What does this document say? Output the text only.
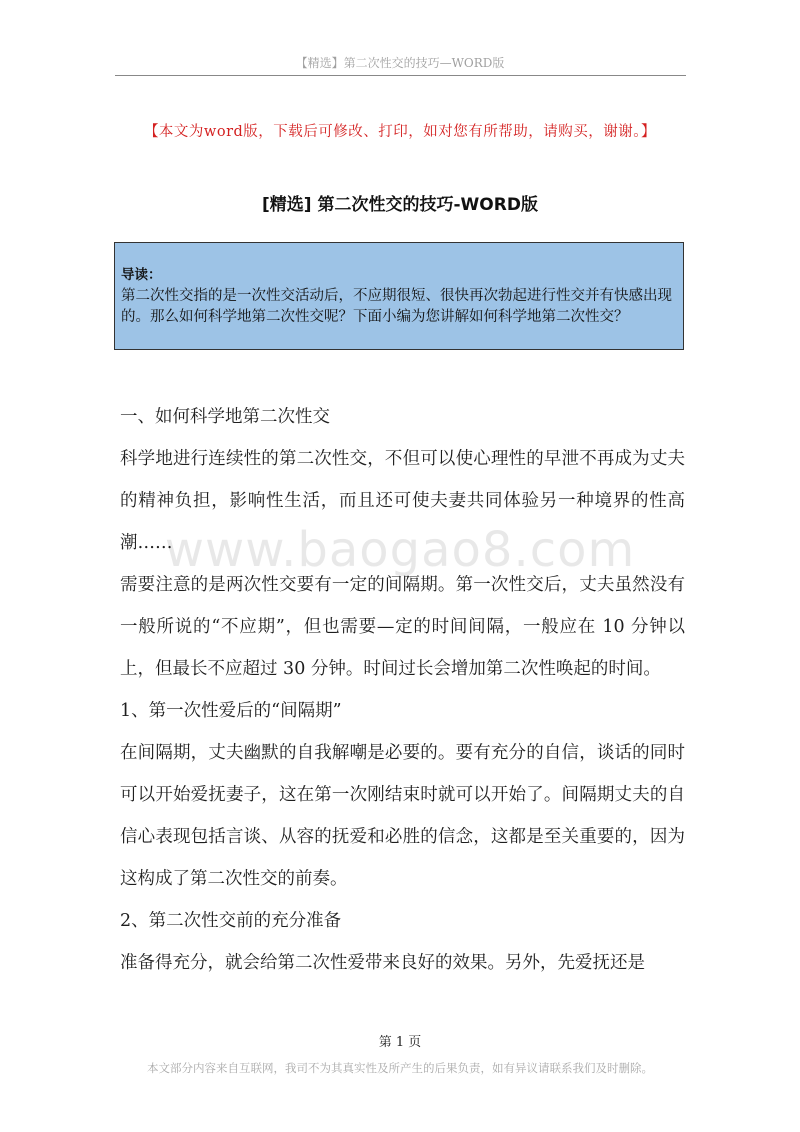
【精选】第二次性交的技巧—WORD版
【本文为word版，下载后可修改、打印，如对您有所帮助，请购买，谢谢。】
[精选] 第二次性交的技巧-WORD版
导读：
第二次性交指的是一次性交活动后，不应期很短、很快再次勃起进行性交并有快感出现的。那么如何科学地第二次性交呢？下面小编为您讲解如何科学地第二次性交？
www.baogao8.com

一、如何科学地第二次性交

科学地进行连续性的第二次性交，不但可以使心理性的早泄不再成为丈夫的精神负担，影响性生活，而且还可使夫妻共同体验另一种境界的性高潮……

需要注意的是两次性交要有一定的间隔期。第一次性交后，丈夫虽然没有一般所说的“不应期”，但也需要—定的时间间隔，一般应在 10 分钟以上，但最长不应超过 30 分钟。时间过长会增加第二次性唤起的时间。

1、第一次性爱后的“间隔期”

在间隔期，丈夫幽默的自我解嘲是必要的。要有充分的自信，谈话的同时可以开始爱抚妻子，这在第一次刚结束时就可以开始了。间隔期丈夫的自信心表现包括言谈、从容的抚爱和必胜的信念，这都是至关重要的，因为这构成了第二次性交的前奏。

2、第二次性交前的充分准备

准备得充分，就会给第二次性爱带来良好的效果。另外，先爱抚还是

第 1 页
本文部分内容来自互联网，我司不为其真实性及所产生的后果负责，如有异议请联系我们及时删除。
